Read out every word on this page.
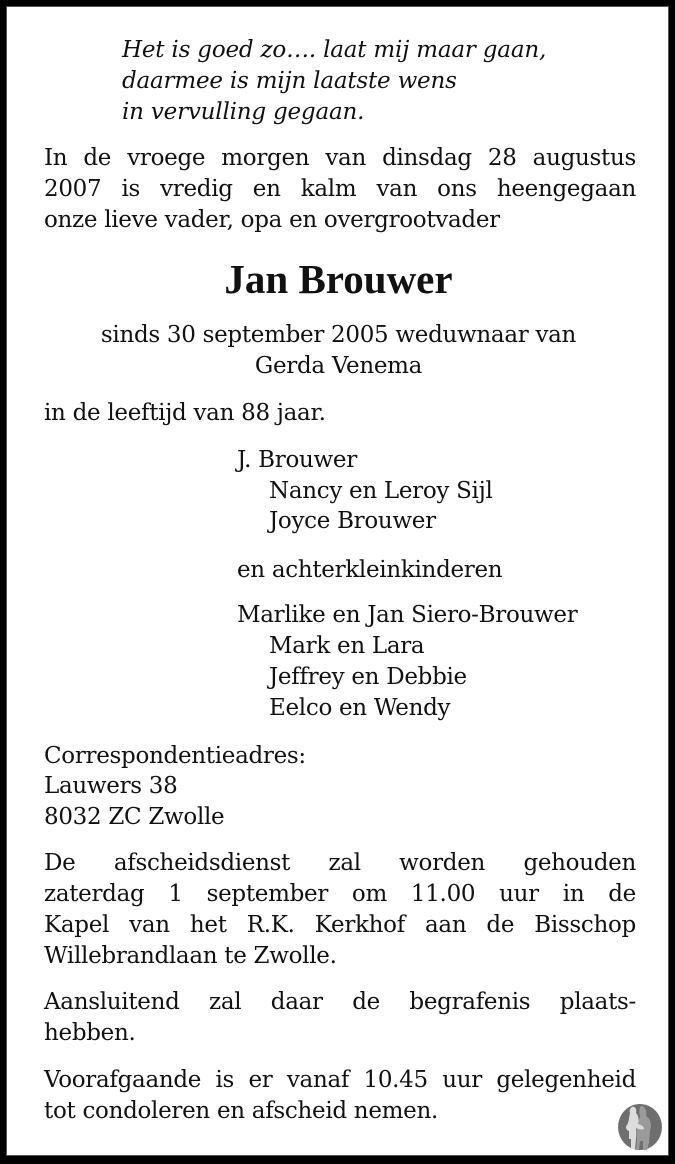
Het is goed zo…. laat mij maar gaan,
daarmee is mijn laatste wens
in vervulling gegaan.
In de vroege morgen van dinsdag 28 augustus
2007 is vredig en kalm van ons heengegaan
onze lieve vader, opa en overgrootvader
Jan Brouwer
sinds 30 september 2005 weduwnaar van
Gerda Venema
in de leeftijd van 88 jaar.
J. Brouwer
Nancy en Leroy Sijl
Joyce Brouwer
en achterkleinkinderen
Marlike en Jan Siero-Brouwer
Mark en Lara
Jeffrey en Debbie
Eelco en Wendy
Correspondentieadres:
Lauwers 38
8032 ZC Zwolle
De afscheidsdienst zal worden gehouden
zaterdag 1 september om 11.00 uur in de
Kapel van het R.K. Kerkhof aan de Bisschop
Willebrandlaan te Zwolle.
Aansluitend zal daar de begrafenis plaats-
hebben.
Voorafgaande is er vanaf 10.45 uur gelegenheid
tot condoleren en afscheid nemen.
